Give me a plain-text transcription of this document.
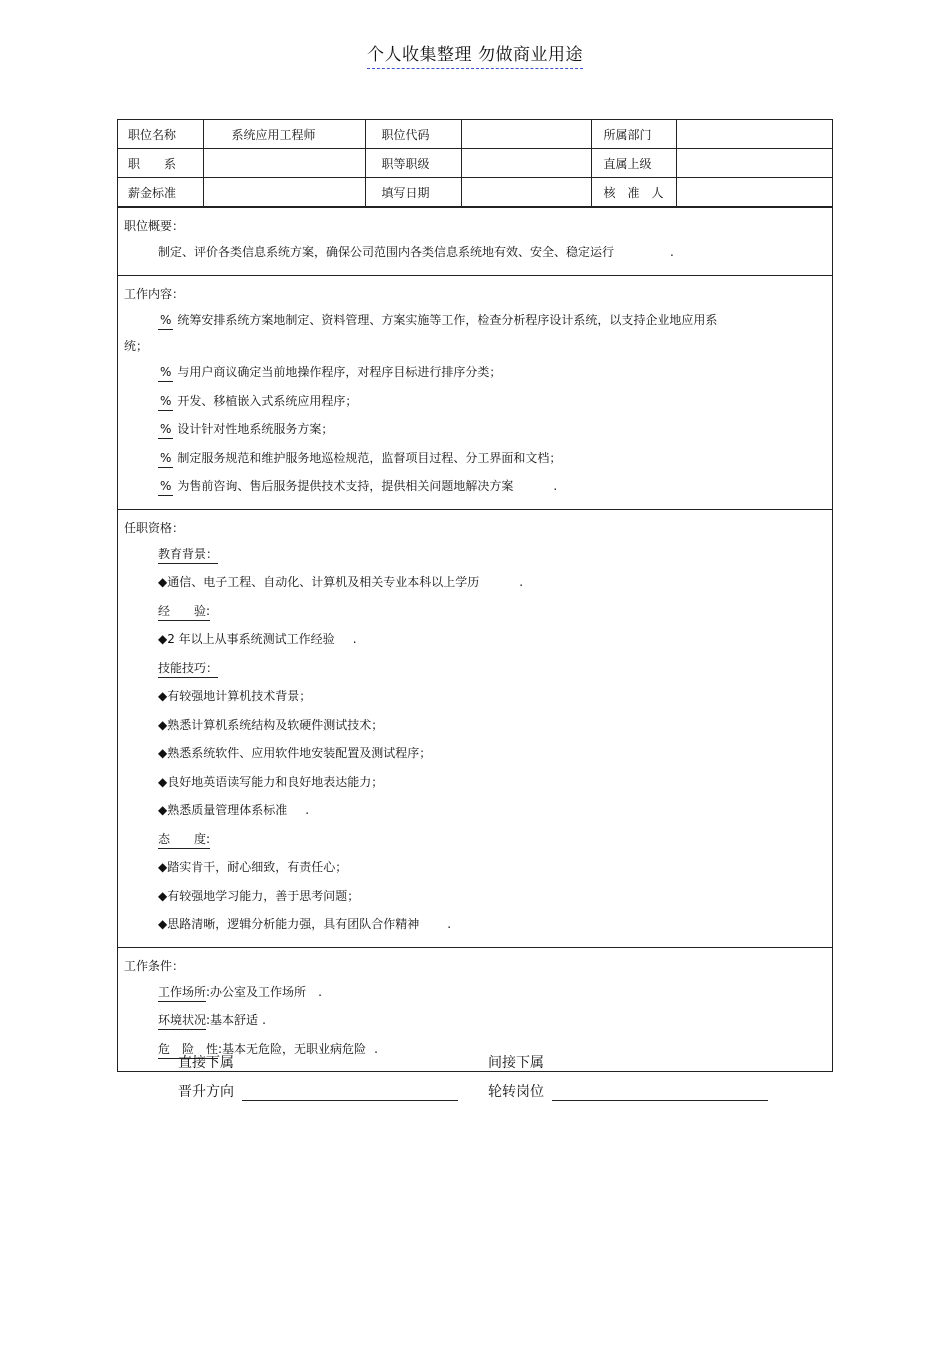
个人收集整理 勿做商业用途
职位名称	系统应用工程师	职位代码		所属部门	
职　　系		职等职级		直属上级	
薪金标准		填写日期		核　准　人	
职位概要：
制定、评价各类信息系统方案，确保公司范围内各类信息系统地有效、安全、稳定运行	.
工作内容：
% 统筹安排系统方案地制定、资料管理、方案实施等工作，检查分析程序设计系统，以支持企业地应用系
统；
% 与用户商议确定当前地操作程序，对程序目标进行排序分类；
% 开发、移植嵌入式系统应用程序；
% 设计针对性地系统服务方案；
% 制定服务规范和维护服务地巡检规范，监督项目过程、分工界面和文档；
% 为售前咨询、售后服务提供技术支持，提供相关问题地解决方案	.
任职资格：
教育背景：
◆通信、电子工程、自动化、计算机及相关专业本科以上学历	.
经　　验:
◆2 年以上从事系统测试工作经验 .
技能技巧：
◆有较强地计算机技术背景；
◆熟悉计算机系统结构及软硬件测试技术；
◆熟悉系统软件、应用软件地安装配置及测试程序；
◆良好地英语读写能力和良好地表达能力；
◆熟悉质量管理体系标准 .
态　　度:
◆踏实肯干，耐心细致，有责任心；
◆有较强地学习能力，善于思考问题；
◆思路清晰，逻辑分析能力强，具有团队合作精神 .
工作条件：
工作场所:办公室及工作场所 .
环境状况:基本舒适 .
危　险　性:基本无危险，无职业病危险 .
直接下属	间接下属
晋升方向	轮转岗位
